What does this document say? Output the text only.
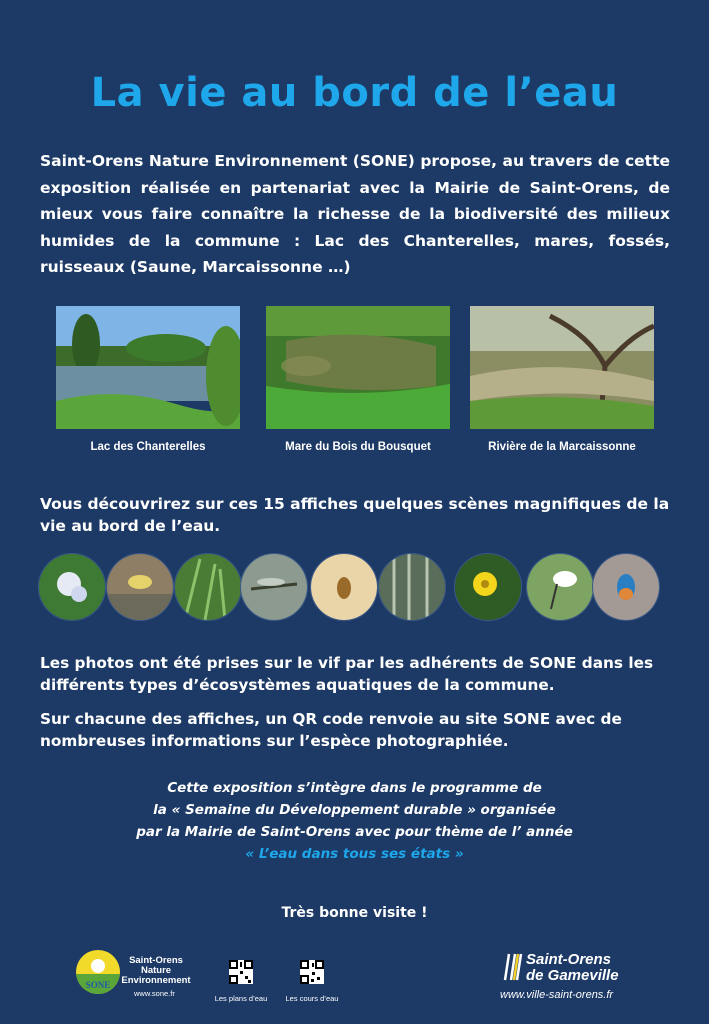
La vie au bord de l’eau
Saint-Orens Nature Environnement (SONE) propose, au travers de cette exposition réalisée en partenariat avec la Mairie de Saint-Orens, de mieux vous faire connaître la richesse de la biodiversité des milieux humides de la commune : Lac des Chanterelles, mares, fossés, ruisseaux (Saune, Marcaissonne …)
Lac des Chanterelles	Mare du Bois du Bousquet	Rivière de la Marcaissonne
Vous découvrirez sur ces 15 affiches quelques scènes magnifiques de la vie au bord de l’eau.
Les photos ont été prises sur le vif par les adhérents de SONE dans les différents types d’écosystèmes aquatiques de la commune.
Sur chacune des affiches, un QR code renvoie au site SONE avec de nombreuses informations sur l’espèce photographiée.
Cette exposition s’intègre dans le programme de
la « Semaine du Développement durable » organisée
par la Mairie de Saint-Orens avec pour thème de l’ année
« L’eau dans tous ses états »
Très bonne visite !
SONE
Saint-Orens
Nature
Environnement
www.sone.fr
Les plans d’eau	Les cours d’eau
Saint-Orens
de Gameville
www.ville-saint-orens.fr
